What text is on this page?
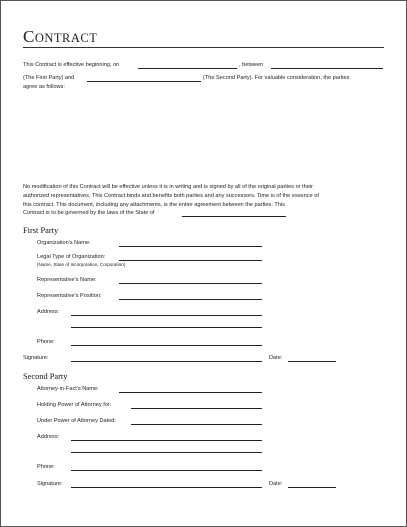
CONTRACT
This Contract is effective beginning, on	, between
(The First Party) and	(The Second Party). For valuable consideration, the parties
agree as follows:
No modification of this Contract will be effective unless it is in writing and is signed by all of the original parties or their
authorized representatives. This Contract binds and benefits both parties and any successors. Time is of the essence of
this contract. This document, including any attachments, is the entire agreement between the parties. This
Contract is to be governed by the laws of the State of
First Party
Organization's Name:
Legal Type of Organization:
(Name, State of Incorporation, Corporation)
Representative's Name:
Representative's Position:
Address:
Phone:
Signature:	Date:
Second Party
Attorney-in-Fact's Name:
Holding Power of Attorney for:
Under Power of Attorney Dated:
Address:
Phone:
Signature:	Date:
